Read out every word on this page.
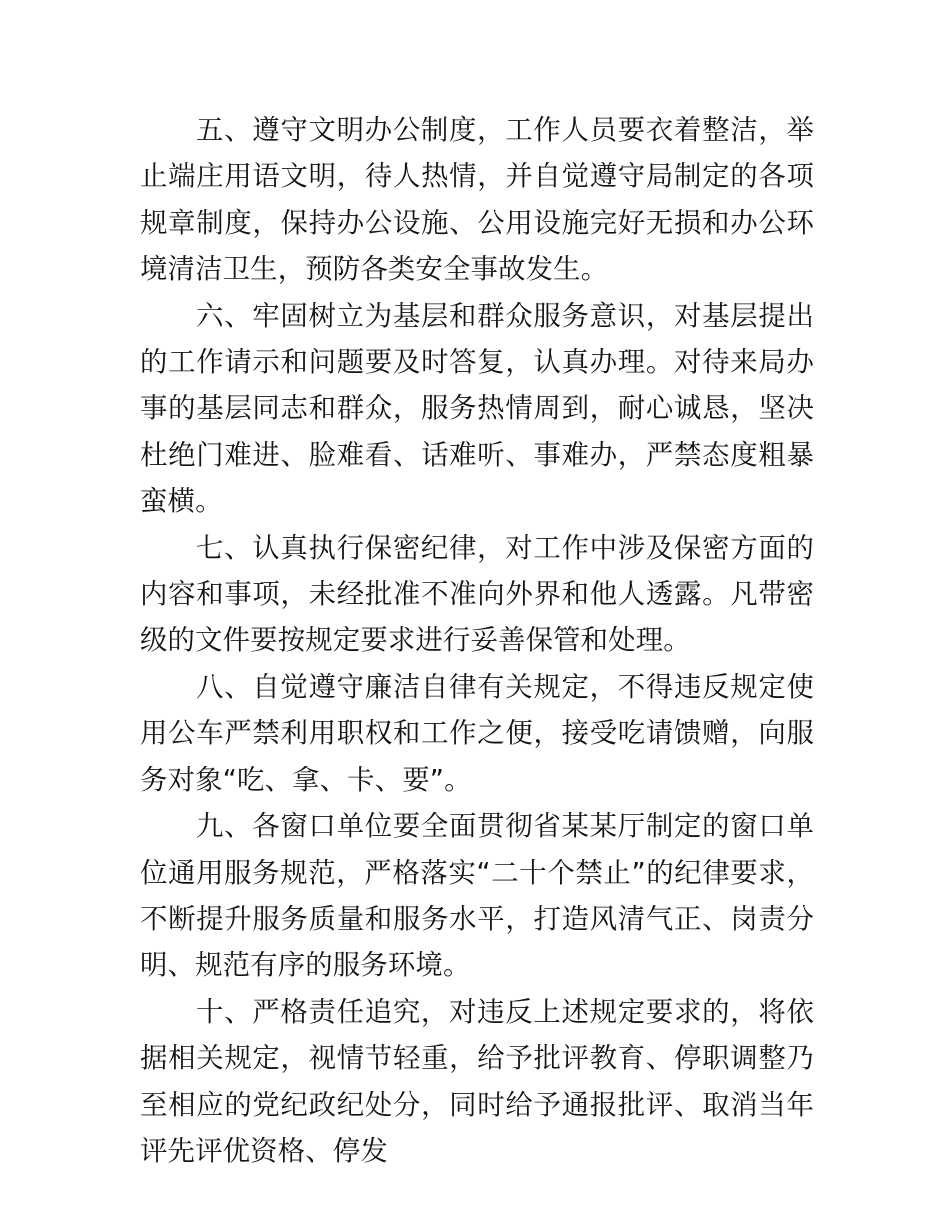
五、遵守文明办公制度，工作人员要衣着整洁，举止端庄用语文明，待人热情，并自觉遵守局制定的各项规章制度，保持办公设施、公用设施完好无损和办公环境清洁卫生，预防各类安全事故发生。

六、牢固树立为基层和群众服务意识，对基层提出的工作请示和问题要及时答复，认真办理。对待来局办事的基层同志和群众，服务热情周到，耐心诚恳，坚决杜绝门难进、脸难看、话难听、事难办，严禁态度粗暴蛮横。

七、认真执行保密纪律，对工作中涉及保密方面的内容和事项，未经批准不准向外界和他人透露。凡带密级的文件要按规定要求进行妥善保管和处理。

八、自觉遵守廉洁自律有关规定，不得违反规定使用公车严禁利用职权和工作之便，接受吃请馈赠，向服务对象“吃、拿、卡、要”。

九、各窗口单位要全面贯彻省某某厅制定的窗口单位通用服务规范，严格落实“二十个禁止”的纪律要求，不断提升服务质量和服务水平，打造风清气正、岗责分明、规范有序的服务环境。

十、严格责任追究，对违反上述规定要求的，将依据相关规定，视情节轻重，给予批评教育、停职调整乃至相应的党纪政纪处分，同时给予通报批评、取消当年评先评优资格、停发
